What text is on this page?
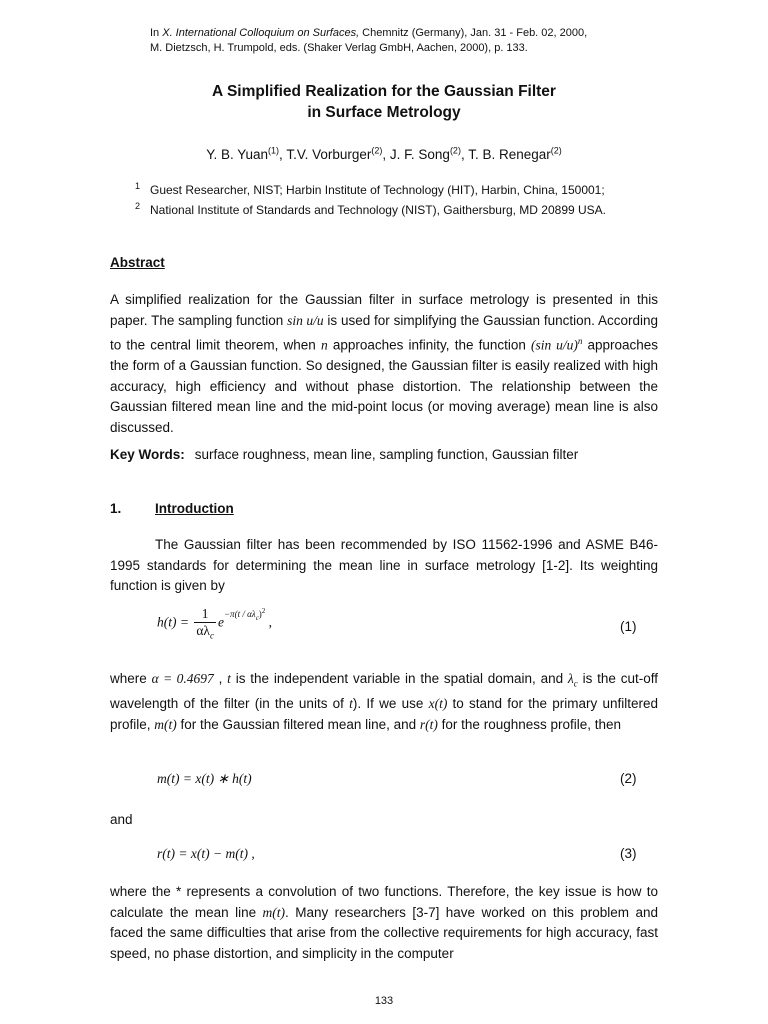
In X. International Colloquium on Surfaces, Chemnitz (Germany), Jan. 31 - Feb. 02, 2000,
M. Dietzsch, H. Trumpold, eds. (Shaker Verlag GmbH, Aachen, 2000), p. 133.
A Simplified Realization for the Gaussian Filter
in Surface Metrology
Y. B. Yuan$^{(1)}$, T.V. Vorburger$^{(2)}$, J. F. Song$^{(2)}$, T. B. Renegar$^{(2)}$
1 Guest Researcher, NIST; Harbin Institute of Technology (HIT), Harbin, China, 150001;
2 National Institute of Standards and Technology (NIST), Gaithersburg, MD 20899 USA.
Abstract
A simplified realization for the Gaussian filter in surface metrology is presented in this paper. The sampling function sin u/u is used for simplifying the Gaussian function. According to the central limit theorem, when n approaches infinity, the function (sin u/u)$^n$ approaches the form of a Gaussian function. So designed, the Gaussian filter is easily realized with high accuracy, high efficiency and without phase distortion. The relationship between the Gaussian filtered mean line and the mid-point locus (or moving average) mean line is also discussed.
Key Words: surface roughness, mean line, sampling function, Gaussian filter
1. Introduction
The Gaussian filter has been recommended by ISO 11562-1996 and ASME B46-1995 standards for determining the mean line in surface metrology [1-2]. Its weighting function is given by
$h(t) = \frac{1}{\alpha\lambda_c} e^{-\pi(t / \alpha\lambda_c)^2}$ ,	(1)
where α = 0.4697 , t is the independent variable in the spatial domain, and $\lambda_c$ is the cut-off wavelength of the filter (in the units of t). If we use x(t) to stand for the primary unfiltered profile, m(t) for the Gaussian filtered mean line, and r(t) for the roughness profile, then
m(t) = x(t) ∗ h(t)	(2)
and
r(t) = x(t) − m(t) ,	(3)
where the * represents a convolution of two functions. Therefore, the key issue is how to calculate the mean line m(t). Many researchers [3-7] have worked on this problem and faced the same difficulties that arise from the collective requirements for high accuracy, fast speed, no phase distortion, and simplicity in the computer
133
